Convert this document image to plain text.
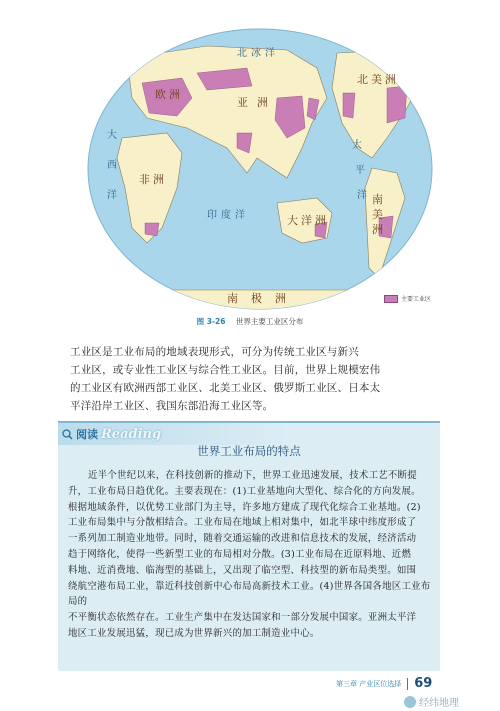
北 冰 洋
太
平
洋
大
西
洋
印 度 洋
亚 洲
欧 洲
非 洲
大 洋 洲
北 美 洲
南
美
洲
南 极 洲	主要工业区
图 3-26 世界主要工业区分布

工业区是工业布局的地域表现形式，可分为传统工业区与新兴

工业区，或专业性工业区与综合性工业区。目前，世界上规模宏伟

的工业区有欧洲西部工业区、北美工业区、俄罗斯工业区、日本太

平洋沿岸工业区、我国东部沿海工业区等。

阅读 Reading
世界工业布局的特点

近半个世纪以来，在科技创新的推动下，世界工业迅速发展，技术工艺不断提

升，工业布局日趋优化。主要表现在：(1)工业基地向大型化、综合化的方向发展。

根据地域条件，以优势工业部门为主导，许多地方建成了现代化综合工业基地。(2)

工业布局集中与分散相结合。工业布局在地域上相对集中，如北半球中纬度形成了

一系列加工制造业地带。同时，随着交通运输的改进和信息技术的发展，经济活动

趋于网络化，使得一些新型工业的布局相对分散。(3)工业布局在近原料地、近燃

料地、近消费地、临海型的基础上，又出现了临空型、科技型的新布局类型。如围

绕航空港布局工业，靠近科技创新中心布局高新技术工业。(4)世界各国各地区工业布局的

不平衡状态依然存在。工业生产集中在发达国家和一部分发展中国家。亚洲太平洋

地区工业发展迅猛，现已成为世界新兴的加工制造业中心。

第三章 产业区位选择 69
经纬地理
